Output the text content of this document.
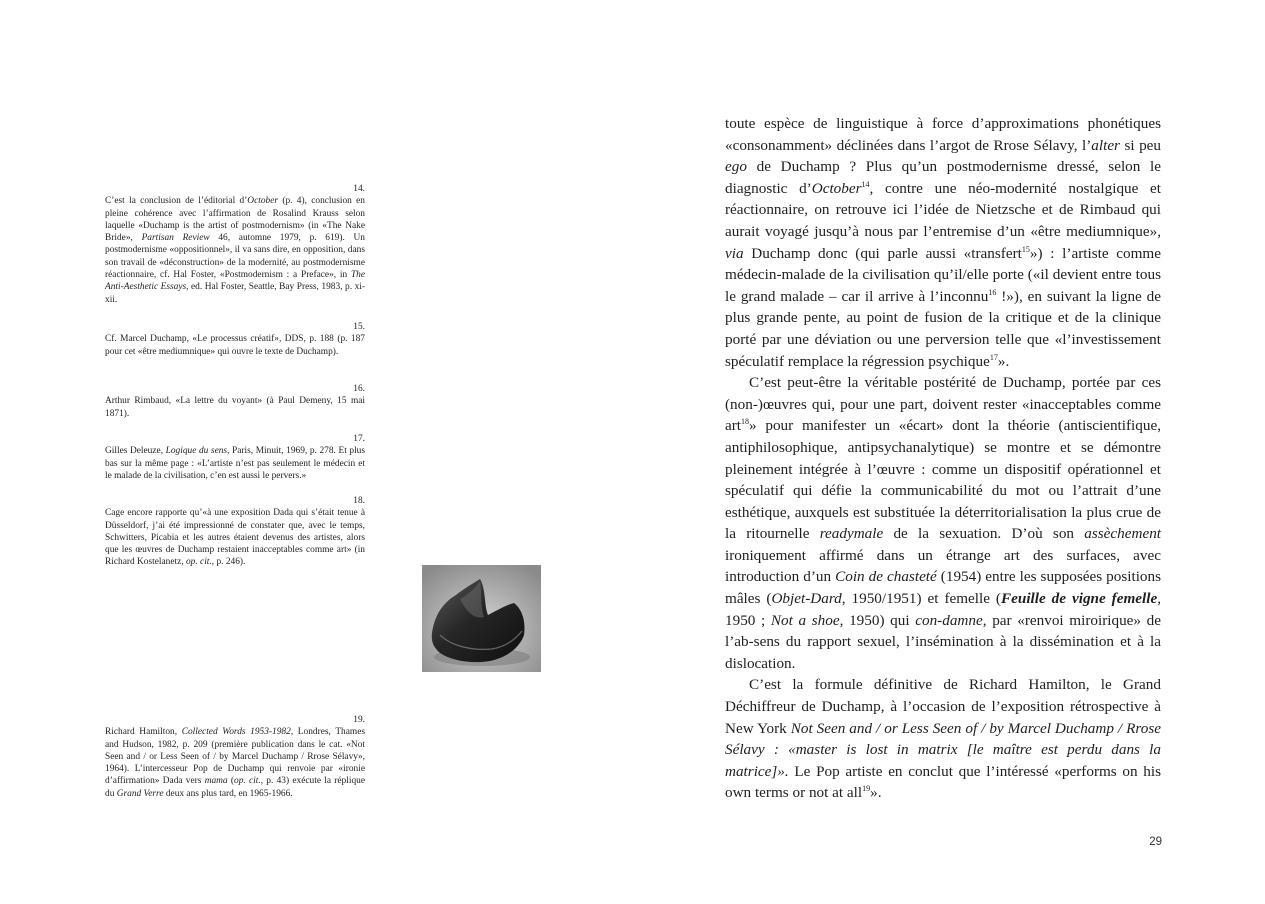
14.
C’est la conclusion de l’éditorial d’October (p. 4), conclusion en pleine cohérence avec l’affirmation de Rosalind Krauss selon laquelle «Duchamp is the artist of postmodernism» (in «The Nake Bride», Partisan Review 46, automne 1979, p. 619). Un postmodernisme «oppositionnel», il va sans dire, en opposition, dans son travail de «déconstruction» de la modernité, au postmodernisme réactionnaire, cf. Hal Foster, «Postmodernism : a Preface», in The Anti-Aesthetic Essays, ed. Hal Foster, Seattle, Bay Press, 1983, p. xi-xii.
15.
Cf. Marcel Duchamp, «Le processus créatif», DDS, p. 188 (p. 187 pour cet «être mediumnique» qui ouvre le texte de Duchamp).
16.
Arthur Rimbaud, «La lettre du voyant» (à Paul Demeny, 15 mai 1871).
17.
Gilles Deleuze, Logique du sens, Paris, Minuit, 1969, p. 278. Et plus bas sur la même page : «L’artiste n’est pas seulement le médecin et le malade de la civilisation, c’en est aussi le pervers.»
18.
Cage encore rapporte qu’«à une exposition Dada qui s’était tenue à Düsseldorf, j’ai été impressionné de constater que, avec le temps, Schwitters, Picabia et les autres étaient devenus des artistes, alors que les œuvres de Duchamp restaient inacceptables comme art» (in Richard Kostelanetz, op. cit., p. 246).
19.
Richard Hamilton, Collected Words 1953-1982, Londres, Thames and Hudson, 1982, p. 209 (première publication dans le cat. «Not Seen and / or Less Seen of / by Marcel Duchamp / Rrose Sélavy», 1964). L’intercesseur Pop de Duchamp qui renvoie par «ironie d’affirmation» Dada vers mama (op. cit., p. 43) exécute la réplique du Grand Verre deux ans plus tard, en 1965-1966.

toute espèce de linguistique à force d’approximations phonétiques «consonamment» déclinées dans l’argot de Rrose Sélavy, l’alter si peu ego de Duchamp ? Plus qu’un postmodernisme dressé, selon le diagnostic d’October$^{14}$, contre une néo-modernité nostalgique et réactionnaire, on retrouve ici l’idée de Nietzsche et de Rimbaud qui aurait voyagé jusqu’à nous par l’entremise d’un «être mediumnique», via Duchamp donc (qui parle aussi «transfert$^{15}$») : l’artiste comme médecin-malade de la civilisation qu’il/elle porte («il devient entre tous le grand malade – car il arrive à l’inconnu$^{16}$ !»), en suivant la ligne de plus grande pente, au point de fusion de la critique et de la clinique porté par une déviation ou une perversion telle que «l’investissement spéculatif remplace la régression psychique$^{17}$».

C’est peut-être la véritable postérité de Duchamp, portée par ces (non-)œuvres qui, pour une part, doivent rester «inacceptables comme art$^{18}$» pour manifester un «écart» dont la théorie (antiscientifique, antiphilosophique, antipsychanalytique) se montre et se démontre pleinement intégrée à l’œuvre : comme un dispositif opérationnel et spéculatif qui défie la communicabilité du mot ou l’attrait d’une esthétique, auxquels est substituée la déterritorialisation la plus crue de la ritournelle readymale de la sexuation. D’où son assèchement ironiquement affirmé dans un étrange art des surfaces, avec introduction d’un Coin de chasteté (1954) entre les supposées positions mâles (Objet-Dard, 1950/1951) et femelle (Feuille de vigne femelle, 1950 ; Not a shoe, 1950) qui con-damne, par «renvoi miroirique» de l’ab-sens du rapport sexuel, l’insémination à la dissémination et à la dislocation.

C’est la formule définitive de Richard Hamilton, le Grand Déchiffreur de Duchamp, à l’occasion de l’exposition rétrospective à New York Not Seen and / or Less Seen of / by Marcel Duchamp / Rrose Sélavy : «master is lost in matrix [le maître est perdu dans la matrice]». Le Pop artiste en conclut que l’intéressé «performs on his own terms or not at all$^{19}$».

29
